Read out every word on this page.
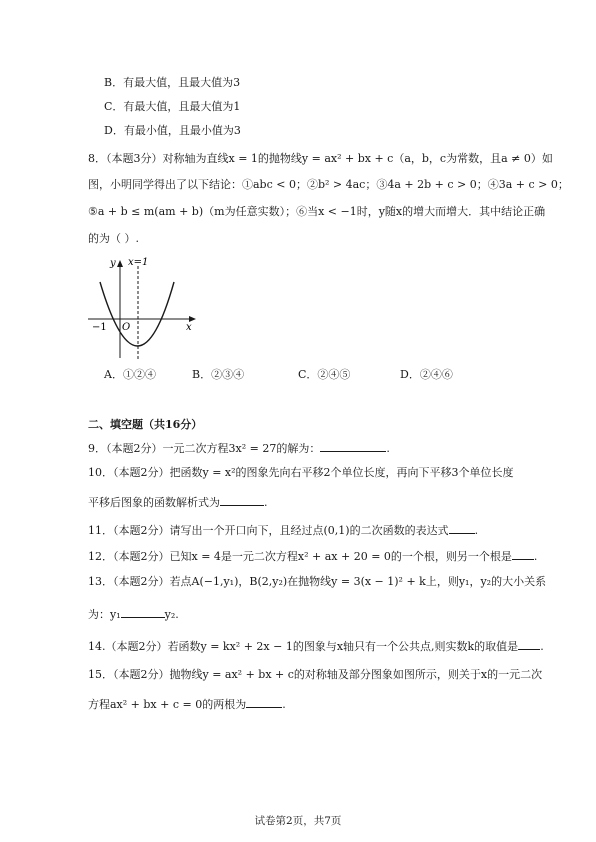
B．有最大值，且最大值为3
C．有最大值，且最大值为1
D．有最小值，且最小值为3
8．（本题3分）对称轴为直线x = 1的抛物线y = ax² + bx + c（a，b，c为常数，且a ≠ 0）如
图，小明同学得出了以下结论：①abc < 0；②b² > 4ac；③4a + 2b + c > 0；④3a + c > 0；
⑤a + b ≤ m(am + b)（m为任意实数）；⑥当x < −1时，y随x的增大而增大．其中结论正确
的为（ ）.
y x=1
x
−1 O
A．①②④	B．②③④	C．②④⑤	D．②④⑥
二、填空题（共16分）
9．（本题2分）一元二次方程3x² = 27的解为：	.
10．（本题2分）把函数y = x²的图象先向右平移2个单位长度，再向下平移3个单位长度
平移后图象的函数解析式为	.
11．（本题2分）请写出一个开口向下，且经过点(0,1)的二次函数的表达式 .
12．（本题2分）已知x = 4是一元二次方程x² + ax + 20 = 0的一个根，则另一个根是 .
13．（本题2分）若点A(−1,y₁)，B(2,y₂)在抛物线y = 3(x − 1)² + k上，则y₁，y₂的大小关系
为：y₁	y₂.
14.（本题2分）若函数y = kx² + 2x − 1的图象与x轴只有一个公共点,则实数k的取值是 .
15．（本题2分）抛物线y = ax² + bx + c的对称轴及部分图象如图所示，则关于x的一元二次
方程ax² + bx + c = 0的两根为	.
试卷第2页，共7页
